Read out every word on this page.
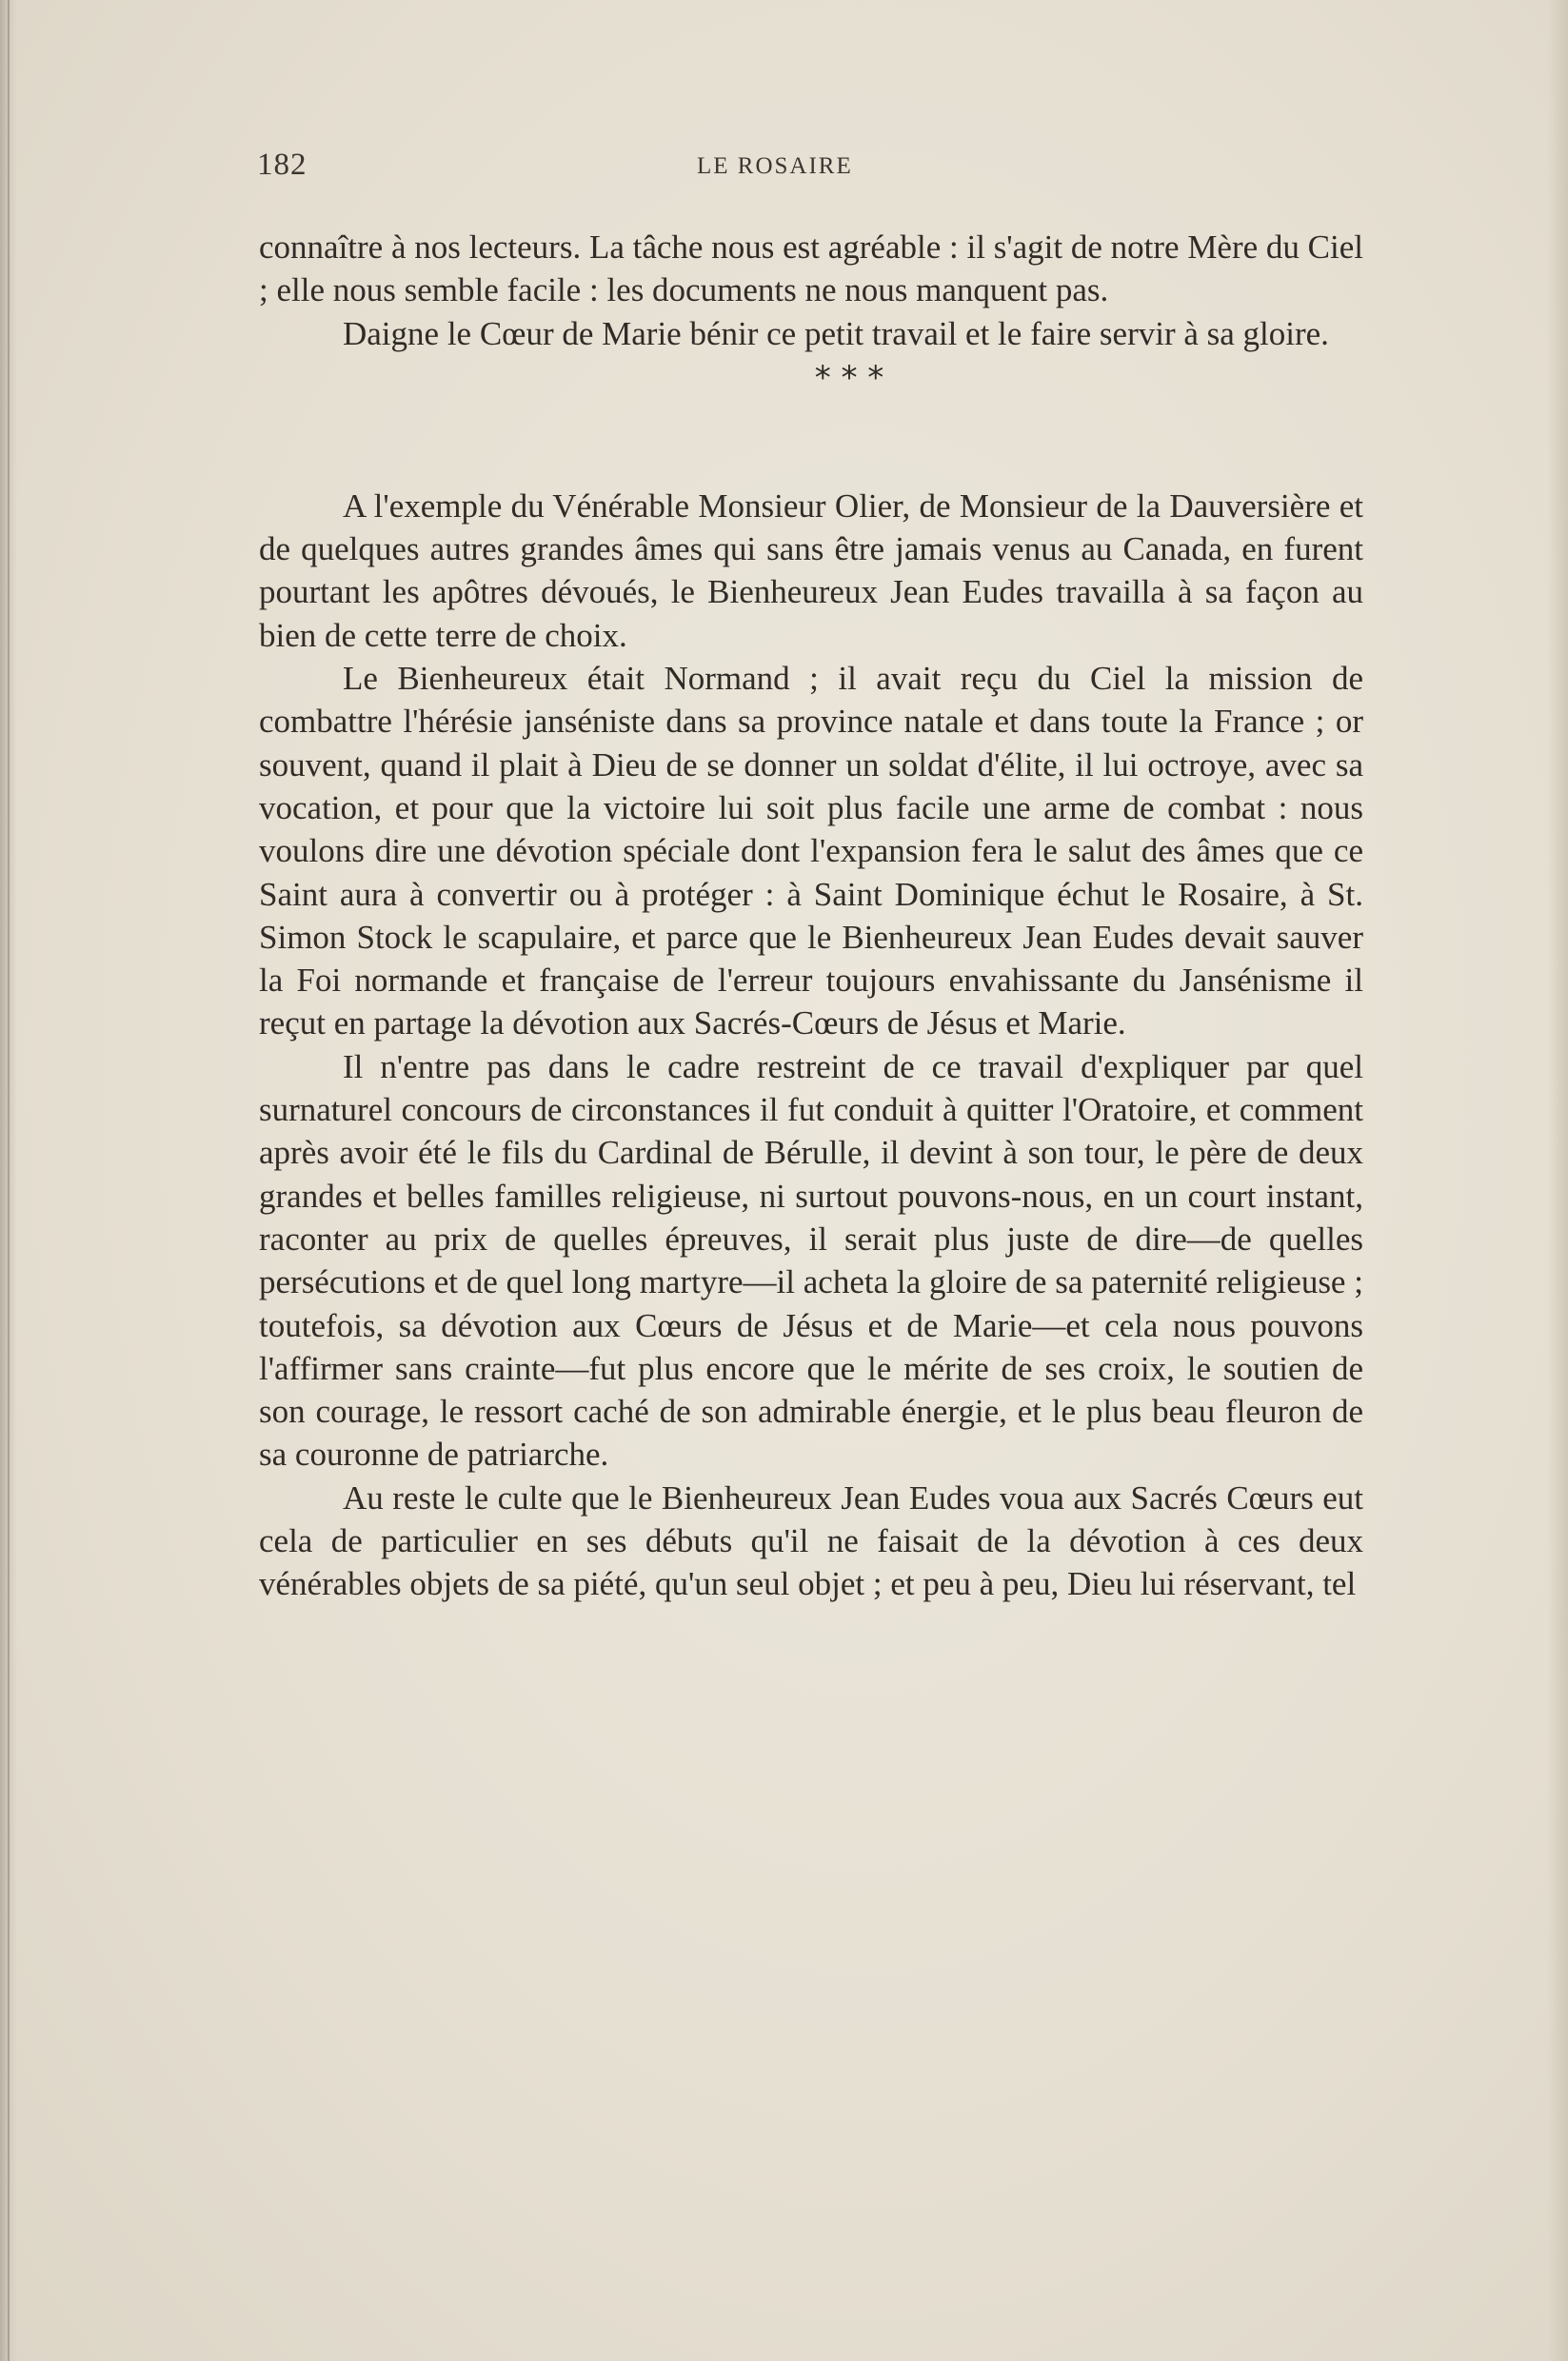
182	LE ROSAIRE

connaître à nos lecteurs. La tâche nous est agréable : il s'agit de notre Mère du Ciel ; elle nous semble facile : les documents ne nous manquent pas.

Daigne le Cœur de Marie bénir ce petit travail et le faire servir à sa gloire.

* * *

A l'exemple du Vénérable Monsieur Olier, de Monsieur de la Dauversière et de quelques autres grandes âmes qui sans être jamais venus au Canada, en furent pourtant les apôtres dévoués, le Bienheureux Jean Eudes travailla à sa façon au bien de cette terre de choix.

Le Bienheureux était Normand ; il avait reçu du Ciel la mission de combattre l'hérésie janséniste dans sa province natale et dans toute la France ; or souvent, quand il plait à Dieu de se donner un soldat d'élite, il lui octroye, avec sa vocation, et pour que la victoire lui soit plus facile une arme de combat : nous voulons dire une dévotion spéciale dont l'expansion fera le salut des âmes que ce Saint aura à convertir ou à protéger : à Saint Dominique échut le Rosaire, à St. Simon Stock le scapulaire, et parce que le Bienheureux Jean Eudes devait sauver la Foi normande et française de l'erreur toujours envahissante du Jansénisme il reçut en partage la dévotion aux Sacrés-Cœurs de Jésus et Marie.

Il n'entre pas dans le cadre restreint de ce travail d'expliquer par quel surnaturel concours de circonstances il fut conduit à quitter l'Oratoire, et comment après avoir été le fils du Cardinal de Bérulle, il devint à son tour, le père de deux grandes et belles familles religieuse, ni surtout pouvons-nous, en un court instant, raconter au prix de quelles épreuves, il serait plus juste de dire—de quelles persécutions et de quel long martyre—il acheta la gloire de sa paternité religieuse ; toutefois, sa dévotion aux Cœurs de Jésus et de Marie—et cela nous pouvons l'affirmer sans crainte—fut plus encore que le mérite de ses croix, le soutien de son courage, le ressort caché de son admirable énergie, et le plus beau fleuron de sa couronne de patriarche.

Au reste le culte que le Bienheureux Jean Eudes voua aux Sacrés Cœurs eut cela de particulier en ses débuts qu'il ne faisait de la dévotion à ces deux vénérables objets de sa piété, qu'un seul objet ; et peu à peu, Dieu lui réservant, tel
